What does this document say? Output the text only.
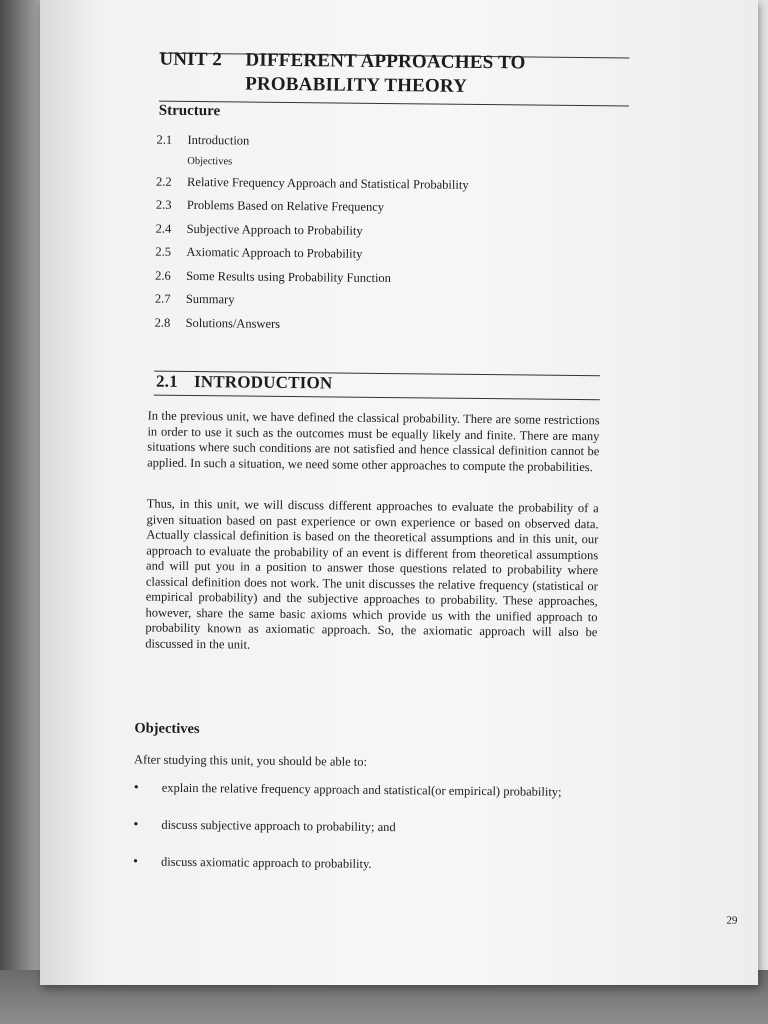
UNIT 2 DIFFERENT APPROACHES TO
PROBABILITY THEORY
Structure
2.1	Introduction
Objectives
2.2	Relative Frequency Approach and Statistical Probability
2.3	Problems Based on Relative Frequency
2.4	Subjective Approach to Probability
2.5	Axiomatic Approach to Probability
2.6	Some Results using Probability Function
2.7	Summary
2.8	Solutions/Answers
2.1 INTRODUCTION

In the previous unit, we have defined the classical probability. There are some restrictions in order to use it such as the outcomes must be equally likely and finite. There are many situations where such conditions are not satisfied and hence classical definition cannot be applied. In such a situation, we need some other approaches to compute the probabilities.

Thus, in this unit, we will discuss different approaches to evaluate the probability of a given situation based on past experience or own experience or based on observed data. Actually classical definition is based on the theoretical assumptions and in this unit, our approach to evaluate the probability of an event is different from theoretical assumptions and will put you in a position to answer those questions related to probability where classical definition does not work. The unit discusses the relative frequency (statistical or empirical probability) and the subjective approaches to probability. These approaches, however, share the same basic axioms which provide us with the unified approach to probability known as axiomatic approach. So, the axiomatic approach will also be discussed in the unit.

Objectives
After studying this unit, you should be able to:
•	explain the relative frequency approach and statistical(or empirical) probability;
•	discuss subjective approach to probability; and
•	discuss axiomatic approach to probability.
29
